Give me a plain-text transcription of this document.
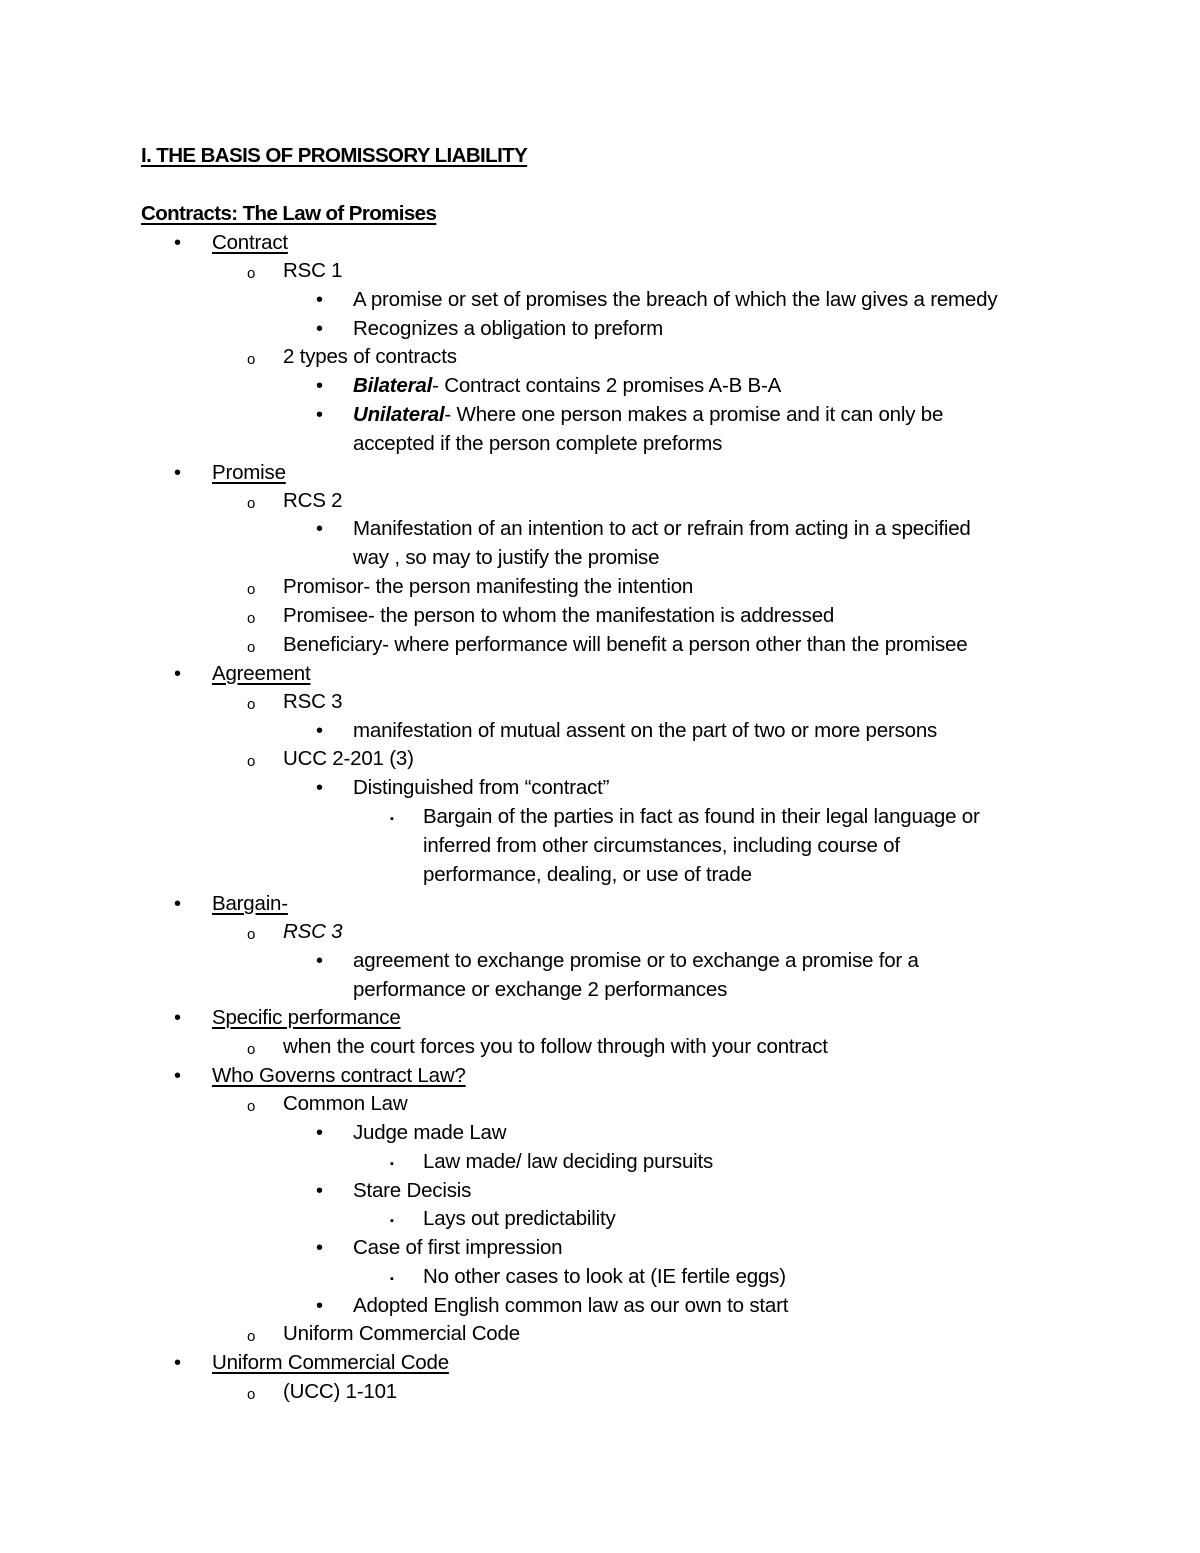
I. THE BASIS OF PROMISSORY LIABILITY
Contracts: The Law of Promises
• Contract
o RSC 1
• A promise or set of promises the breach of which the law gives a remedy
• Recognizes a obligation to preform
o 2 types of contracts
• Bilateral- Contract contains 2 promises A-B B-A
• Unilateral- Where one person makes a promise and it can only be
accepted if the person complete preforms
• Promise
o RCS 2
• Manifestation of an intention to act or refrain from acting in a specified
way , so may to justify the promise
o Promisor- the person manifesting the intention
o Promisee- the person to whom the manifestation is addressed
o Beneficiary- where performance will benefit a person other than the promisee
• Agreement
o RSC 3
• manifestation of mutual assent on the part of two or more persons
o UCC 2-201 (3)
• Distinguished from “contract”
▪ Bargain of the parties in fact as found in their legal language or
inferred from other circumstances, including course of
performance, dealing, or use of trade
• Bargain-
o RSC 3
• agreement to exchange promise or to exchange a promise for a
performance or exchange 2 performances
• Specific performance
o when the court forces you to follow through with your contract
• Who Governs contract Law?
o Common Law
• Judge made Law
▪ Law made/ law deciding pursuits
• Stare Decisis
▪ Lays out predictability
• Case of first impression
▪ No other cases to look at (IE fertile eggs)
• Adopted English common law as our own to start
o Uniform Commercial Code
• Uniform Commercial Code
o (UCC) 1-101
